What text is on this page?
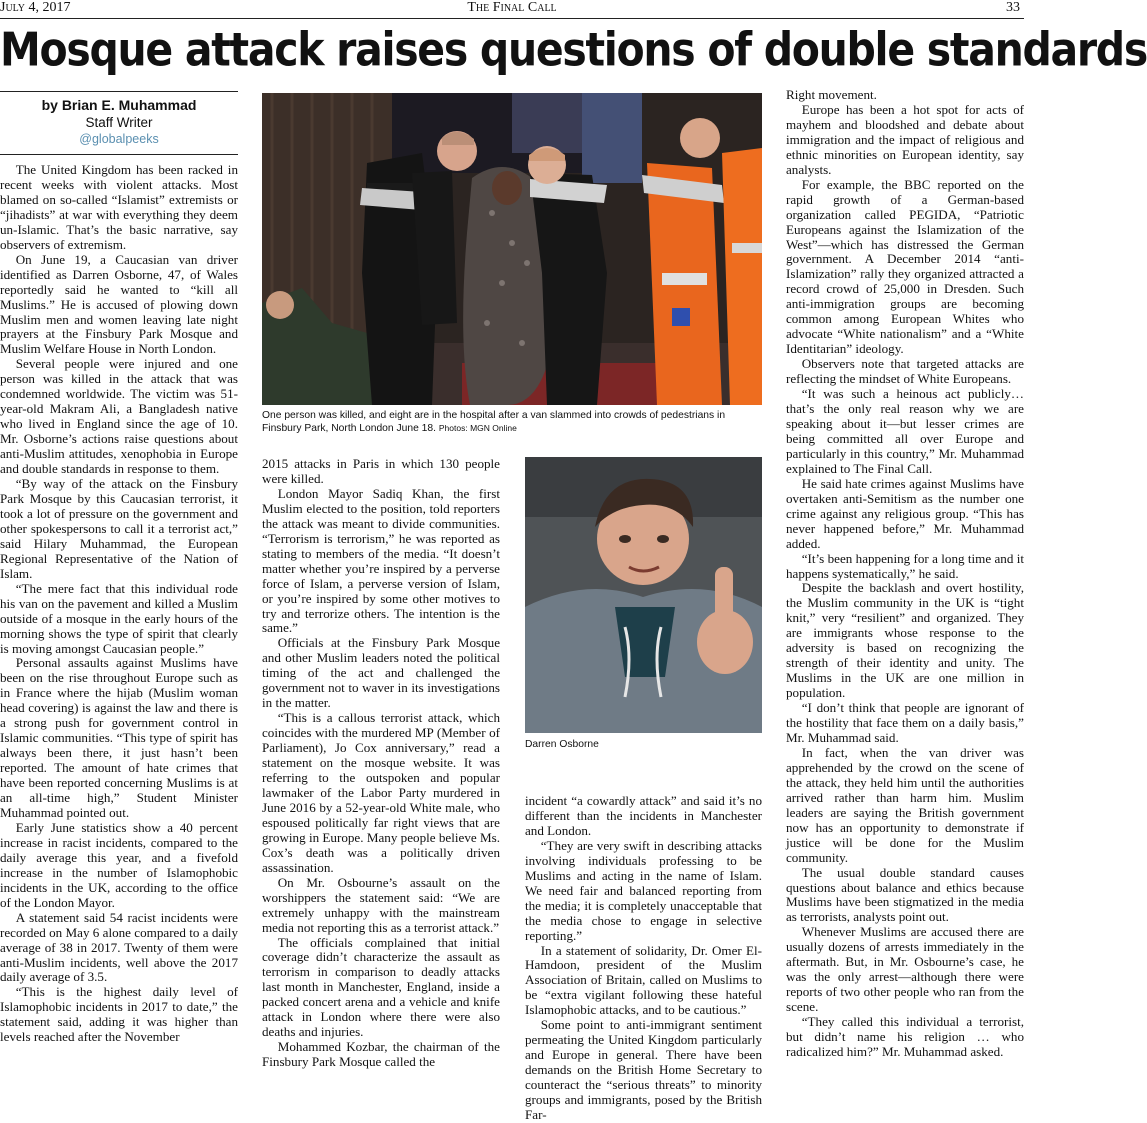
July 4, 2017	The Final Call	33
Mosque attack raises questions of double standards
by Brian E. Muhammad
Staff Writer
@globalpeeks
One person was killed, and eight are in the hospital after a van slammed into crowds of pedestrians in Finsbury Park, North London June 18. Photos: MGN Online
Darren Osborne

The United Kingdom has been racked in recent weeks with violent attacks. Most blamed on so-called “Islamist” extremists or “jihadists” at war with everything they deem un-Islamic. That’s the basic narrative, say observers of extremism.

On June 19, a Caucasian van driver identified as Darren Osborne, 47, of Wales reportedly said he wanted to “kill all Muslims.” He is accused of plowing down Muslim men and women leaving late night prayers at the Finsbury Park Mosque and Muslim Welfare House in North London.

Several people were injured and one person was killed in the attack that was condemned worldwide. The victim was 51-year-old Makram Ali, a Bangladesh native who lived in England since the age of 10. Mr. Osborne’s actions raise questions about anti-Muslim attitudes, xenophobia in Europe and double standards in response to them.

“By way of the attack on the Finsbury Park Mosque by this Caucasian terrorist, it took a lot of pressure on the government and other spokespersons to call it a terrorist act,” said Hilary Muhammad, the European Regional Representative of the Nation of Islam.

“The mere fact that this individual rode his van on the pavement and killed a Muslim outside of a mosque in the early hours of the morning shows the type of spirit that clearly is moving amongst Caucasian people.”

Personal assaults against Muslims have been on the rise throughout Europe such as in France where the hijab (Muslim woman head covering) is against the law and there is a strong push for government control in Islamic communities. “This type of spirit has always been there, it just hasn’t been reported. The amount of hate crimes that have been reported concerning Muslims is at an all-time high,” Student Minister Muhammad pointed out.

Early June statistics show a 40 percent increase in racist incidents, compared to the daily average this year, and a fivefold increase in the number of Islamophobic incidents in the UK, according to the office of the London Mayor.

A statement said 54 racist incidents were recorded on May 6 alone compared to a daily average of 38 in 2017. Twenty of them were anti-Muslim incidents, well above the 2017 daily average of 3.5.

“This is the highest daily level of Islamophobic incidents in 2017 to date,” the statement said, adding it was higher than levels reached after the November

2015 attacks in Paris in which 130 people were killed.

London Mayor Sadiq Khan, the first Muslim elected to the position, told reporters the attack was meant to divide communities. “Terrorism is terrorism,” he was reported as stating to members of the media. “It doesn’t matter whether you’re inspired by a perverse force of Islam, a perverse version of Islam, or you’re inspired by some other motives to try and terrorize others. The intention is the same.”

Officials at the Finsbury Park Mosque and other Muslim leaders noted the political timing of the act and challenged the government not to waver in its investigations in the matter.

“This is a callous terrorist attack, which coincides with the murdered MP (Member of Parliament), Jo Cox anniversary,” read a statement on the mosque website. It was referring to the outspoken and popular lawmaker of the Labor Party murdered in June 2016 by a 52-year-old White male, who espoused politically far right views that are growing in Europe. Many people believe Ms. Cox’s death was a politically driven assassination.

On Mr. Osbourne’s assault on the worshippers the statement said: “We are extremely unhappy with the mainstream media not reporting this as a terrorist attack.”

The officials complained that initial coverage didn’t characterize the assault as terrorism in comparison to deadly attacks last month in Manchester, England, inside a packed concert arena and a vehicle and knife attack in London where there were also deaths and injuries.

Mohammed Kozbar, the chairman of the Finsbury Park Mosque called the

incident “a cowardly attack” and said it’s no different than the incidents in Manchester and London.

“They are very swift in describing attacks involving individuals professing to be Muslims and acting in the name of Islam. We need fair and balanced reporting from the media; it is completely unacceptable that the media chose to engage in selective reporting.”

In a statement of solidarity, Dr. Omer El-Hamdoon, president of the Muslim Association of Britain, called on Muslims to be “extra vigilant following these hateful Islamophobic attacks, and to be cautious.”

Some point to anti-immigrant sentiment permeating the United Kingdom particularly and Europe in general. There have been demands on the British Home Secretary to counteract the “serious threats” to minority groups and immigrants, posed by the British Far-

Right movement.

Europe has been a hot spot for acts of mayhem and bloodshed and debate about immigration and the impact of religious and ethnic minorities on European identity, say analysts.

For example, the BBC reported on the rapid growth of a German-based organization called PEGIDA, “Patriotic Europeans against the Islamization of the West”—which has distressed the German government. A December 2014 “anti-Islamization” rally they organized attracted a record crowd of 25,000 in Dresden. Such anti-immigration groups are becoming common among European Whites who advocate “White nationalism” and a “White Identitarian” ideology.

Observers note that targeted attacks are reflecting the mindset of White Europeans.

“It was such a heinous act publicly… that’s the only real reason why we are speaking about it—but lesser crimes are being committed all over Europe and particularly in this country,” Mr. Muhammad explained to The Final Call.

He said hate crimes against Muslims have overtaken anti-Semitism as the number one crime against any religious group. “This has never happened before,” Mr. Muhammad added.

“It’s been happening for a long time and it happens systematically,” he said.

Despite the backlash and overt hostility, the Muslim community in the UK is “tight knit,” very “resilient” and organized. They are immigrants whose response to the adversity is based on recognizing the strength of their identity and unity. The Muslims in the UK are one million in population.

“I don’t think that people are ignorant of the hostility that face them on a daily basis,” Mr. Muhammad said.

In fact, when the van driver was apprehended by the crowd on the scene of the attack, they held him until the authorities arrived rather than harm him. Muslim leaders are saying the British government now has an opportunity to demonstrate if justice will be done for the Muslim community.

The usual double standard causes questions about balance and ethics because Muslims have been stigmatized in the media as terrorists, analysts point out.

Whenever Muslims are accused there are usually dozens of arrests immediately in the aftermath. But, in Mr. Osbourne’s case, he was the only arrest—although there were reports of two other people who ran from the scene.

“They called this individual a terrorist, but didn’t name his religion … who radicalized him?” Mr. Muhammad asked.
